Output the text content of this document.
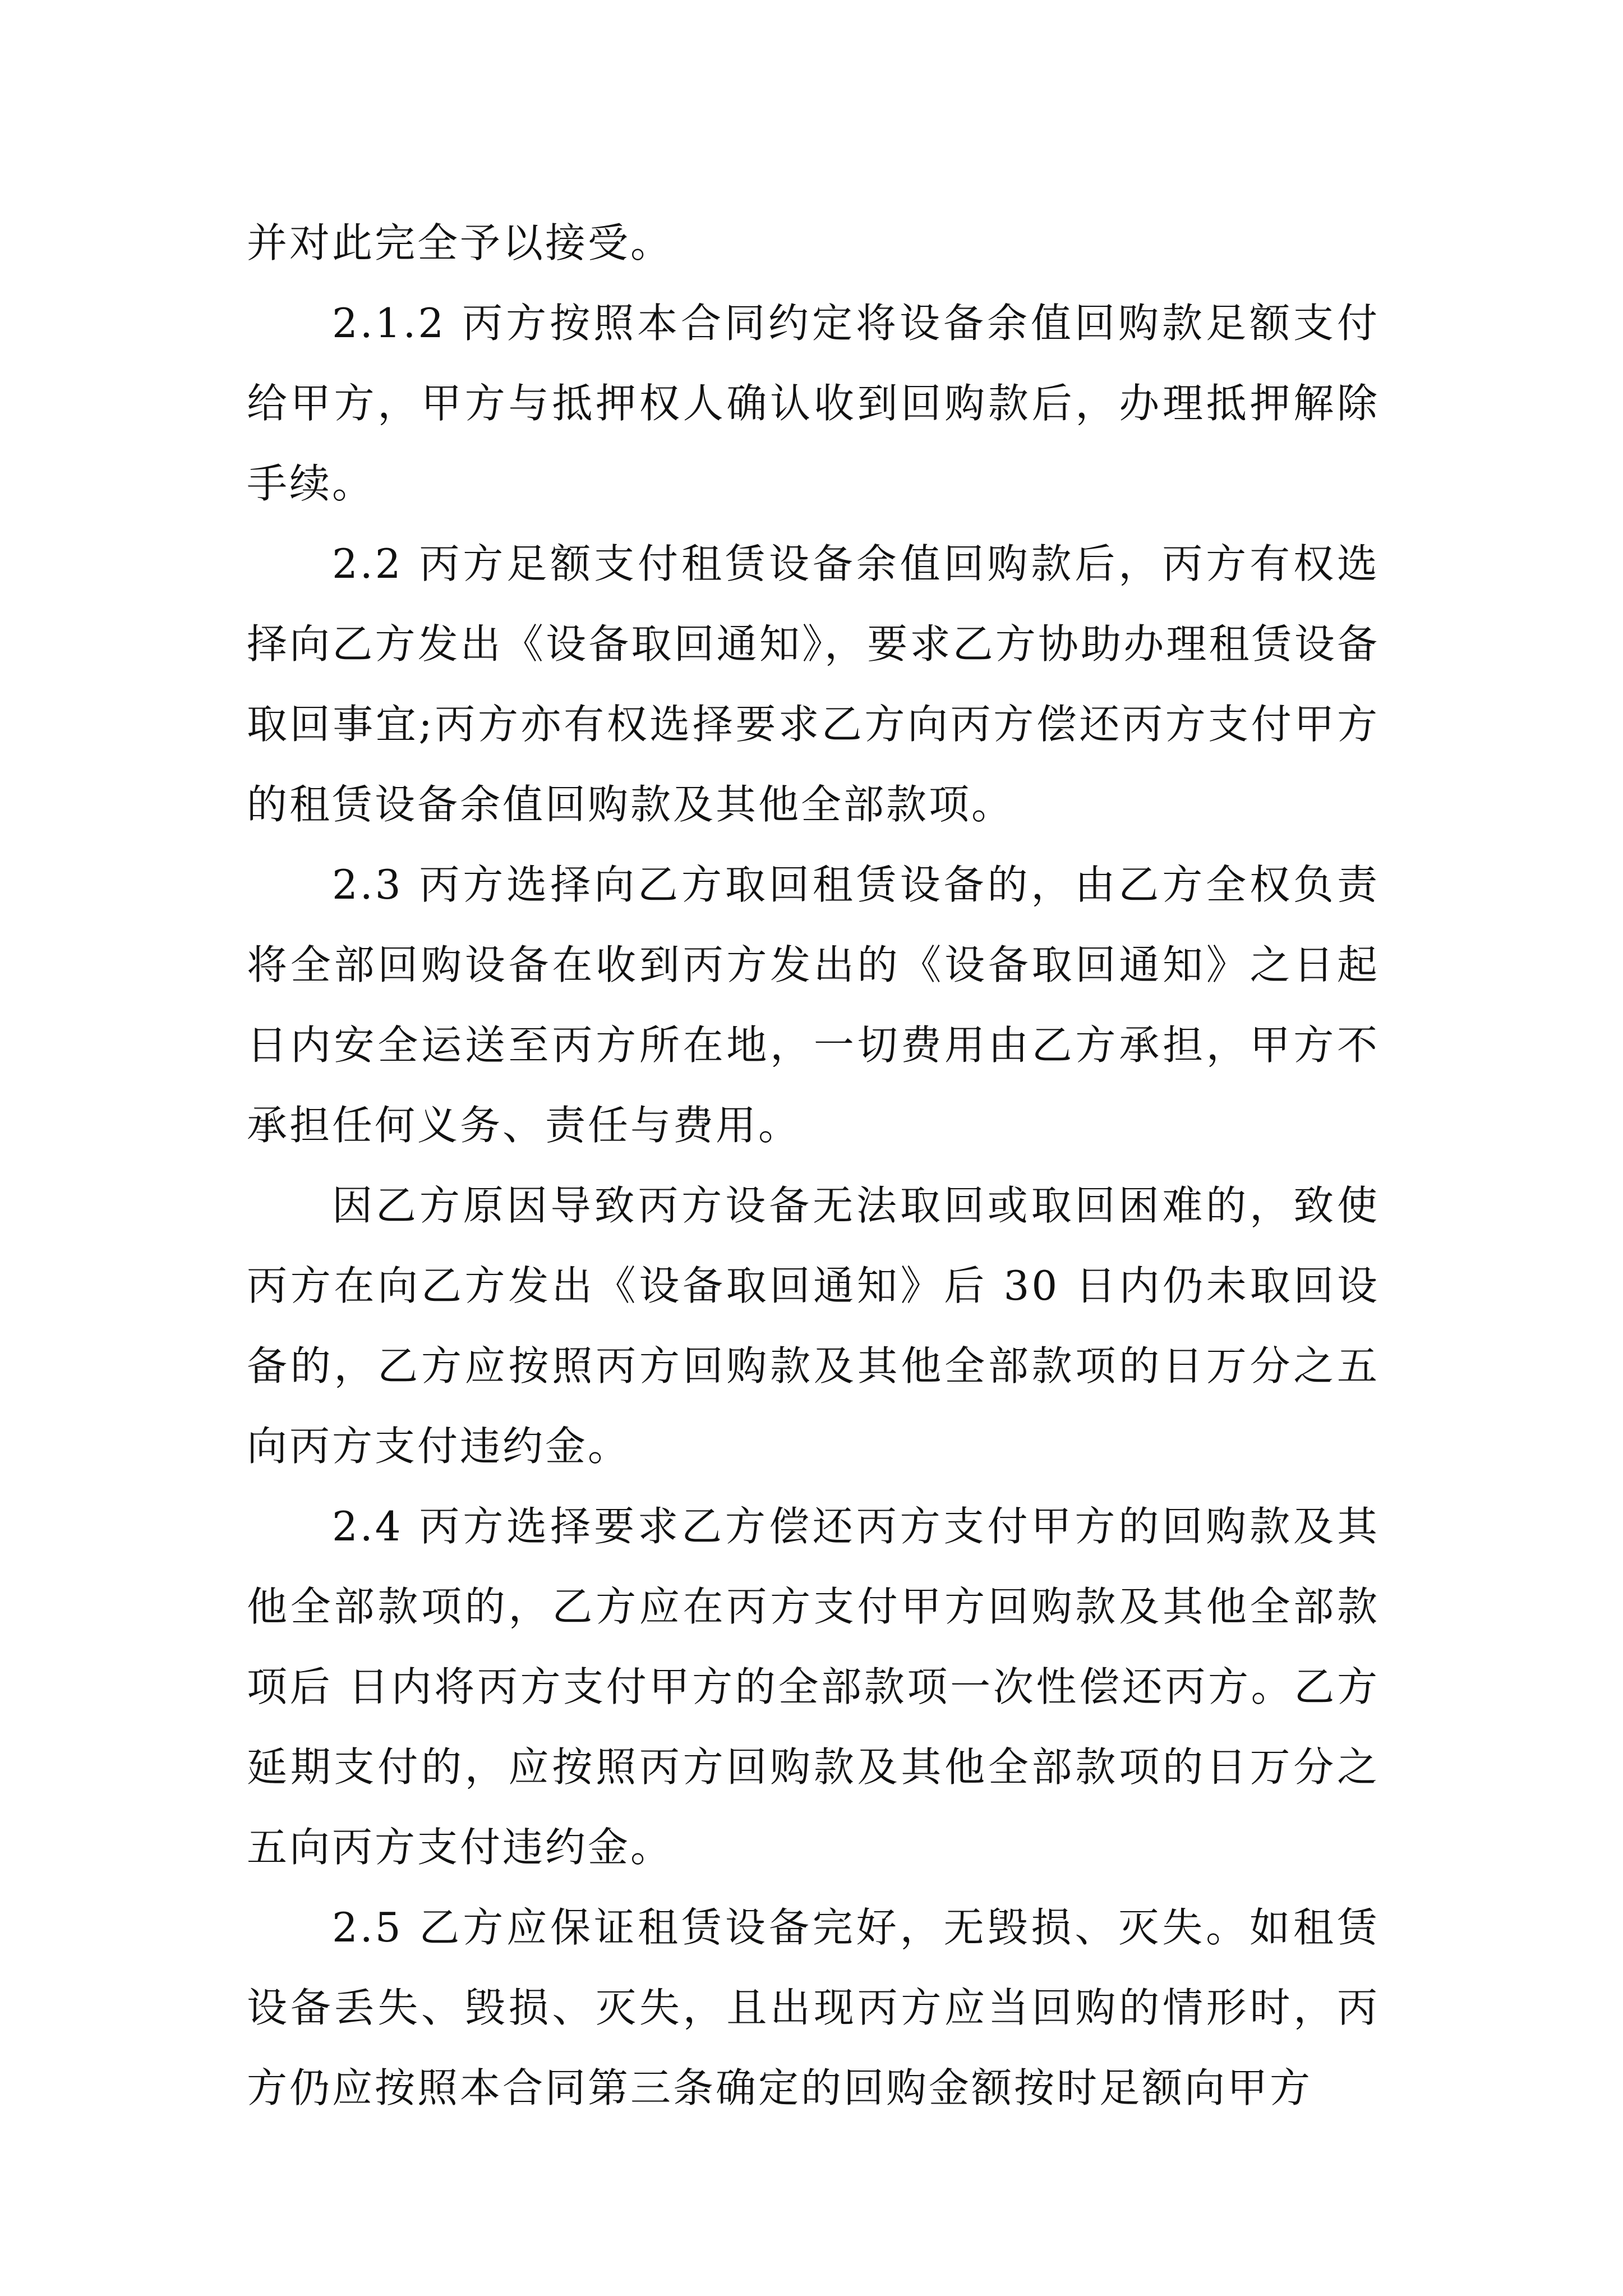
并对此完全予以接受。

2.1.2 丙方按照本合同约定将设备余值回购款足额支付给甲方，甲方与抵押权人确认收到回购款后，办理抵押解除手续。

2.2 丙方足额支付租赁设备余值回购款后，丙方有权选择向乙方发出《设备取回通知》，要求乙方协助办理租赁设备取回事宜;丙方亦有权选择要求乙方向丙方偿还丙方支付甲方的租赁设备余值回购款及其他全部款项。

2.3 丙方选择向乙方取回租赁设备的，由乙方全权负责将全部回购设备在收到丙方发出的《设备取回通知》之日起日内安全运送至丙方所在地，一切费用由乙方承担，甲方不承担任何义务、责任与费用。

因乙方原因导致丙方设备无法取回或取回困难的，致使丙方在向乙方发出《设备取回通知》后 30 日内仍未取回设备的，乙方应按照丙方回购款及其他全部款项的日万分之五向丙方支付违约金。

2.4 丙方选择要求乙方偿还丙方支付甲方的回购款及其他全部款项的，乙方应在丙方支付甲方回购款及其他全部款项后 日内将丙方支付甲方的全部款项一次性偿还丙方。乙方延期支付的，应按照丙方回购款及其他全部款项的日万分之五向丙方支付违约金。

2.5 乙方应保证租赁设备完好，无毁损、灭失。如租赁设备丢失、毁损、灭失，且出现丙方应当回购的情形时，丙方仍应按照本合同第三条确定的回购金额按时足额向甲方
